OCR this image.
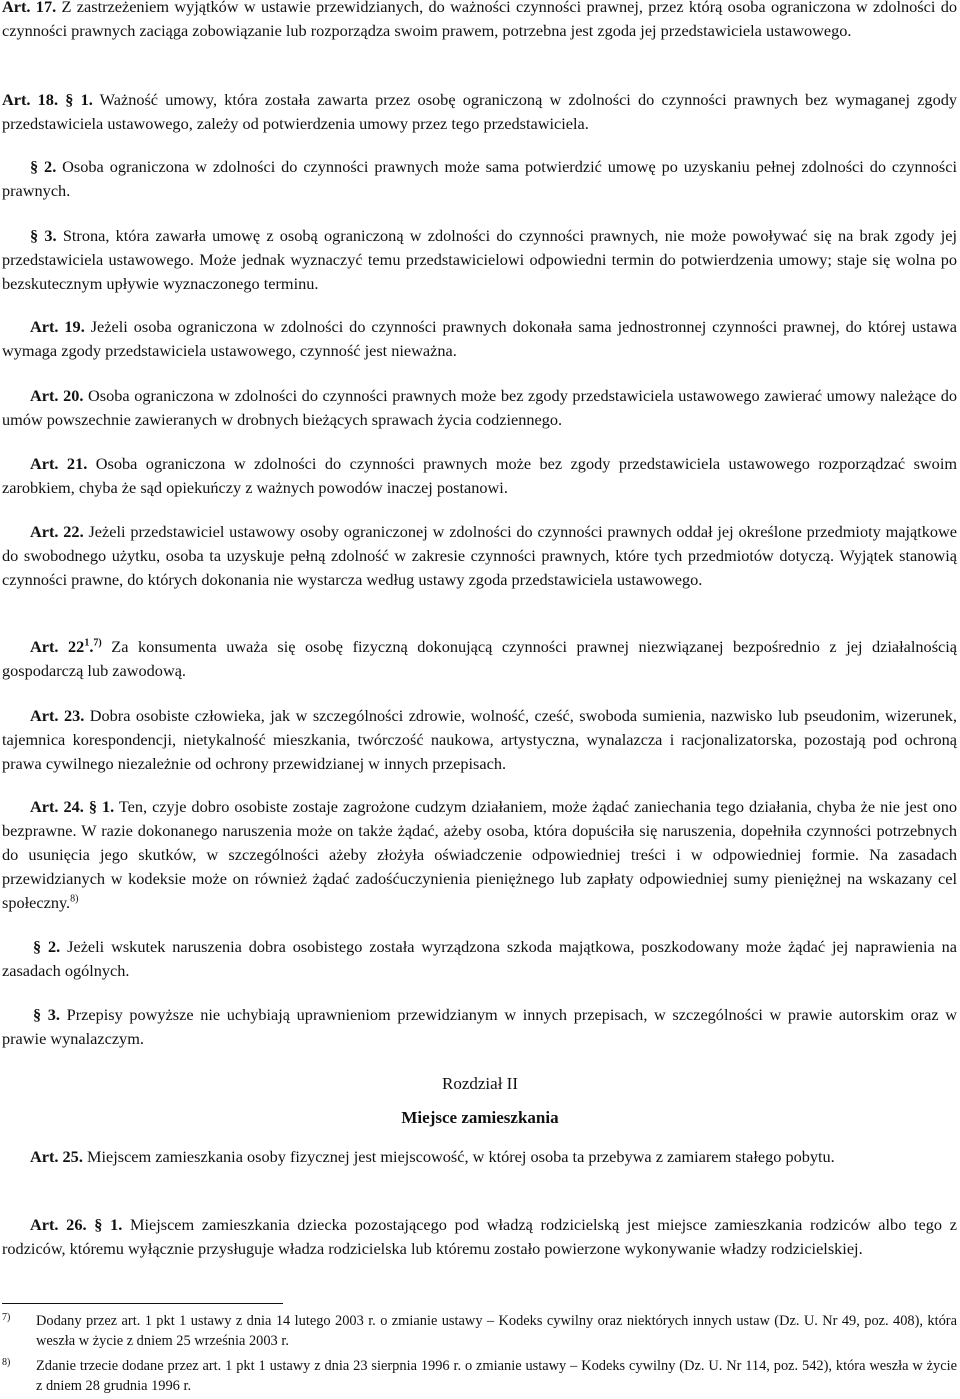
Art. 17. Z zastrzeżeniem wyjątków w ustawie przewidzianych, do ważności czynności prawnej, przez którą osoba ograniczona w zdolności do czynności prawnych zaciąga zobowiązanie lub rozporządza swoim prawem, potrzebna jest zgoda jej przedstawiciela ustawowego.

Art. 18. § 1. Ważność umowy, która została zawarta przez osobę ograniczoną w zdolności do czynności prawnych bez wymaganej zgody przedstawiciela ustawowego, zależy od potwierdzenia umowy przez tego przedstawiciela.

§ 2. Osoba ograniczona w zdolności do czynności prawnych może sama potwierdzić umowę po uzyskaniu pełnej zdolności do czynności prawnych.

§ 3. Strona, która zawarła umowę z osobą ograniczoną w zdolności do czynności prawnych, nie może powoływać się na brak zgody jej przedstawiciela ustawowego. Może jednak wyznaczyć temu przedstawicielowi odpowiedni termin do potwierdzenia umowy; staje się wolna po bezskutecznym upływie wyznaczonego terminu.

Art. 19. Jeżeli osoba ograniczona w zdolności do czynności prawnych dokonała sama jednostronnej czynności prawnej, do której ustawa wymaga zgody przedstawiciela ustawowego, czynność jest nieważna.

Art. 20. Osoba ograniczona w zdolności do czynności prawnych może bez zgody przedstawiciela ustawowego zawierać umowy należące do umów powszechnie zawieranych w drobnych bieżących sprawach życia codziennego.

Art. 21. Osoba ograniczona w zdolności do czynności prawnych może bez zgody przedstawiciela ustawowego rozporządzać swoim zarobkiem, chyba że sąd opiekuńczy z ważnych powodów inaczej postanowi.

Art. 22. Jeżeli przedstawiciel ustawowy osoby ograniczonej w zdolności do czynności prawnych oddał jej określone przedmioty majątkowe do swobodnego użytku, osoba ta uzyskuje pełną zdolność w zakresie czynności prawnych, które tych przedmiotów dotyczą. Wyjątek stanowią czynności prawne, do których dokonania nie wystarcza według ustawy zgoda przedstawiciela ustawowego.

Art. $22^1.^{7)}$ Za konsumenta uważa się osobę fizyczną dokonującą czynności prawnej niezwiązanej bezpośrednio z jej działalnością gospodarczą lub zawodową.

Art. 23. Dobra osobiste człowieka, jak w szczególności zdrowie, wolność, cześć, swoboda sumienia, nazwisko lub pseudonim, wizerunek, tajemnica korespondencji, nietykalność mieszkania, twórczość naukowa, artystyczna, wynalazcza i racjonalizatorska, pozostają pod ochroną prawa cywilnego niezależnie od ochrony przewidzianej w innych przepisach.

Art. 24. § 1. Ten, czyje dobro osobiste zostaje zagrożone cudzym działaniem, może żądać zaniechania tego działania, chyba że nie jest ono bezprawne. W razie dokonanego naruszenia może on także żądać, ażeby osoba, która dopuściła się naruszenia, dopełniła czynności potrzebnych do usunięcia jego skutków, w szczególności ażeby złożyła oświadczenie odpowiedniej treści i w odpowiedniej formie. Na zasadach przewidzianych w kodeksie może on również żądać zadośćuczynienia pieniężnego lub zapłaty odpowiedniej sumy pieniężnej na wskazany cel społeczny.$^{8)}$

§ 2. Jeżeli wskutek naruszenia dobra osobistego została wyrządzona szkoda majątkowa, poszkodowany może żądać jej naprawienia na zasadach ogólnych.

§ 3. Przepisy powyższe nie uchybiają uprawnieniom przewidzianym w innych przepisach, w szczególności w prawie autorskim oraz w prawie wynalazczym.

Rozdział II

Miejsce zamieszkania

Art. 25. Miejscem zamieszkania osoby fizycznej jest miejscowość, w której osoba ta przebywa z zamiarem stałego pobytu.

Art. 26. § 1. Miejscem zamieszkania dziecka pozostającego pod władzą rodzicielską jest miejsce zamieszkania rodziców albo tego z rodziców, któremu wyłącznie przysługuje władza rodzicielska lub któremu zostało powierzone wykonywanie władzy rodzicielskiej.

7) Dodany przez art. 1 pkt 1 ustawy z dnia 14 lutego 2003 r. o zmianie ustawy – Kodeks cywilny oraz niektórych innych ustaw (Dz. U. Nr 49, poz. 408), która weszła w życie z dniem 25 września 2003 r.
8) Zdanie trzecie dodane przez art. 1 pkt 1 ustawy z dnia 23 sierpnia 1996 r. o zmianie ustawy – Kodeks cywilny (Dz. U. Nr 114, poz. 542), która weszła w życie z dniem 28 grudnia 1996 r.
